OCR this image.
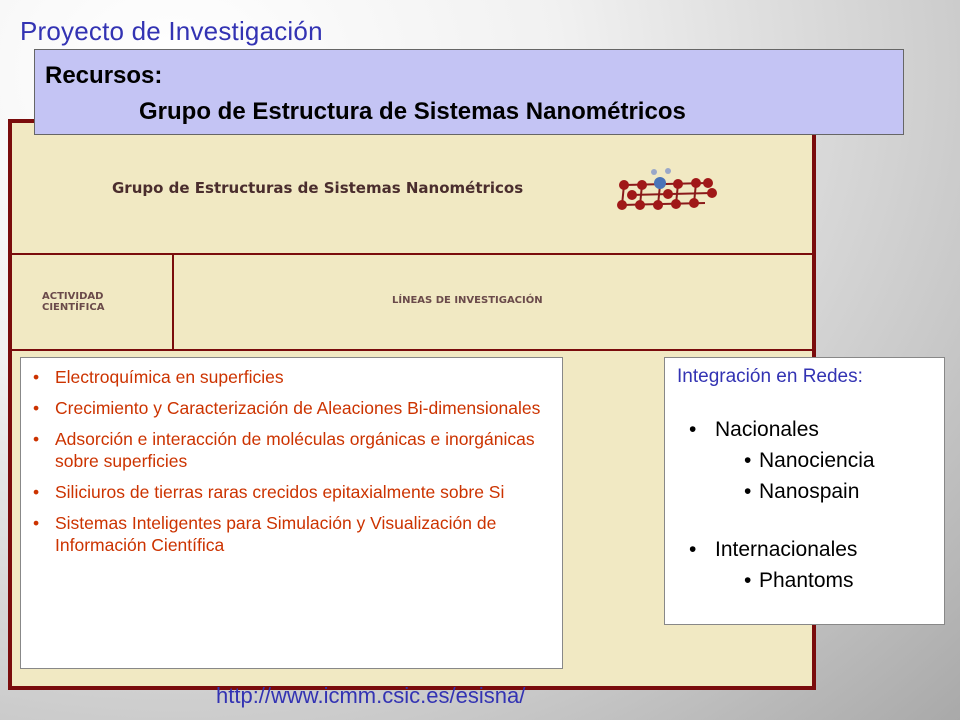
Proyecto de Investigación
Grupo de Estructuras de Sistemas Nanométricos
ACTIVIDAD CIENTÍFICA
LÍNEAS DE INVESTIGACIÓN
Recursos:
Grupo de Estructura de Sistemas Nanométricos
• Electroquímica en superficies
• Crecimiento y Caracterización de Aleaciones Bi-dimensionales
• Adsorción e interacción de moléculas orgánicas e inorgánicas sobre superficies
• Siliciuros de tierras raras crecidos epitaxialmente sobre Si
• Sistemas Inteligentes para Simulación y Visualización de Información Científica
Integración en Redes:
• Nacionales
• Nanociencia
• Nanospain
• Internacionales
• Phantoms
http://www.icmm.csic.es/esisna/
